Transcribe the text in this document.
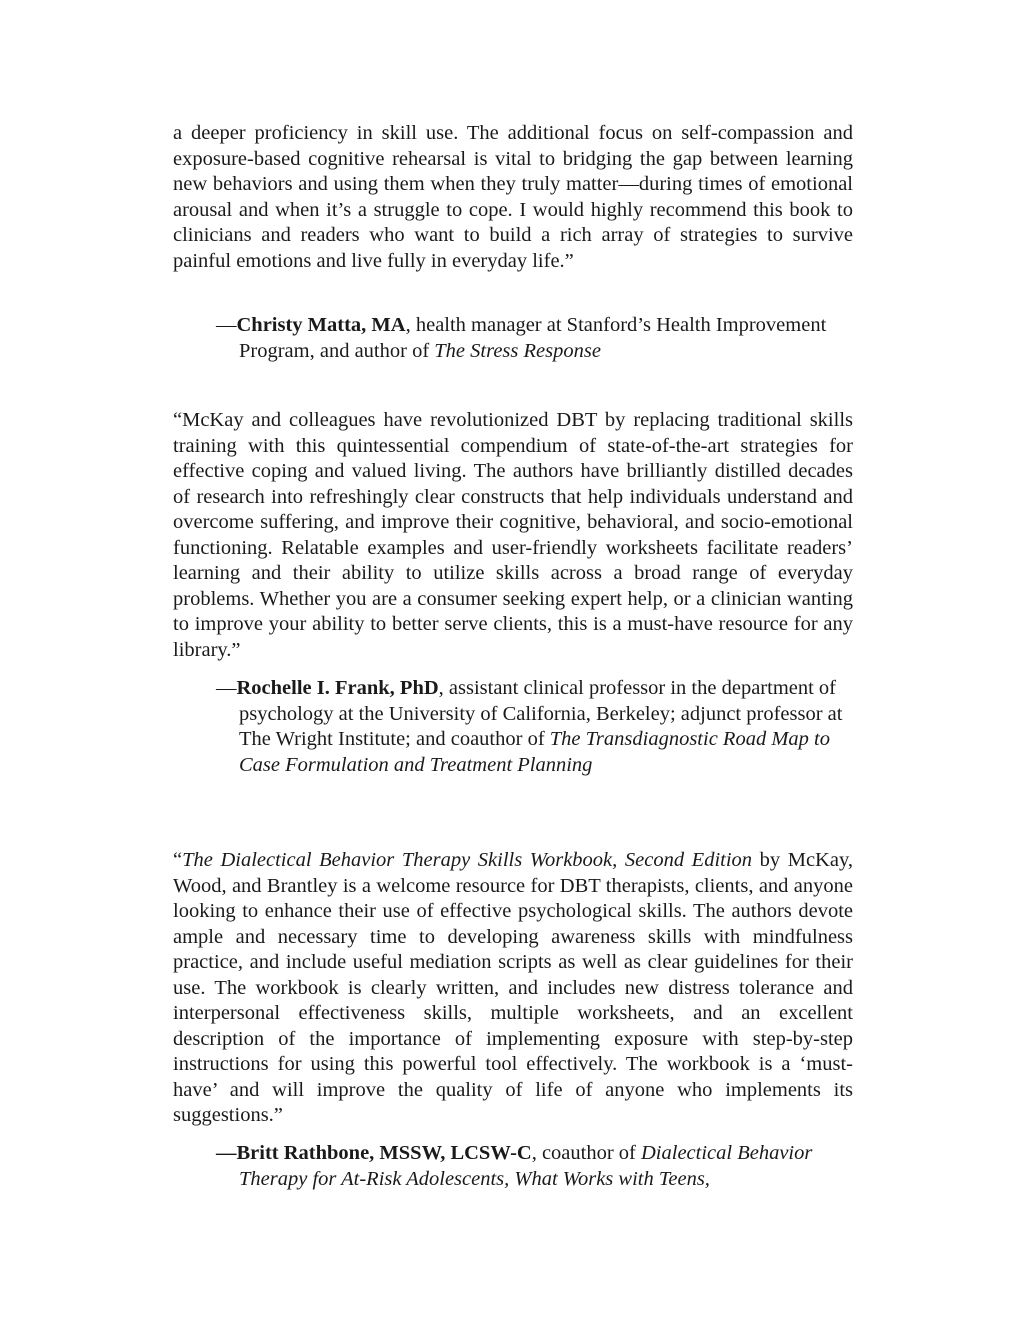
a deeper proficiency in skill use. The additional focus on self-compassion and exposure-based cognitive rehearsal is vital to bridging the gap between learning new behaviors and using them when they truly matter—during times of emotional arousal and when it’s a struggle to cope. I would highly recommend this book to clinicians and readers who want to build a rich array of strategies to survive painful emotions and live fully in everyday life.”

—Christy Matta, MA, health manager at Stanford’s Health Improvement Program, and author of The Stress Response

“McKay and colleagues have revolutionized DBT by replacing traditional skills training with this quintessential compendium of state-of-the-art strategies for effective coping and valued living. The authors have brilliantly distilled decades of research into refreshingly clear constructs that help individuals understand and overcome suffering, and improve their cognitive, behavioral, and socio-emotional functioning. Relatable examples and user-friendly worksheets facilitate readers’ learning and their ability to utilize skills across a broad range of everyday problems. Whether you are a consumer seeking expert help, or a clinician wanting to improve your ability to better serve clients, this is a must-have resource for any library.”

—Rochelle I. Frank, PhD, assistant clinical professor in the department of psychology at the University of California, Berkeley; adjunct professor at The Wright Institute; and coauthor of The Transdiagnostic Road Map to Case Formulation and Treatment Planning

“The Dialectical Behavior Therapy Skills Workbook, Second Edition by McKay, Wood, and Brantley is a welcome resource for DBT therapists, clients, and anyone looking to enhance their use of effective psychological skills. The authors devote ample and necessary time to developing awareness skills with mindfulness practice, and include useful mediation scripts as well as clear guidelines for their use. The workbook is clearly written, and includes new distress tolerance and interpersonal effectiveness skills, multiple worksheets, and an excellent description of the importance of implementing exposure with step-by-step instructions for using this powerful tool effectively. The workbook is a ‘must-have’ and will improve the quality of life of anyone who implements its suggestions.”

—Britt Rathbone, MSSW, LCSW-C, coauthor of Dialectical Behavior Therapy for At-Risk Adolescents, What Works with Teens,
